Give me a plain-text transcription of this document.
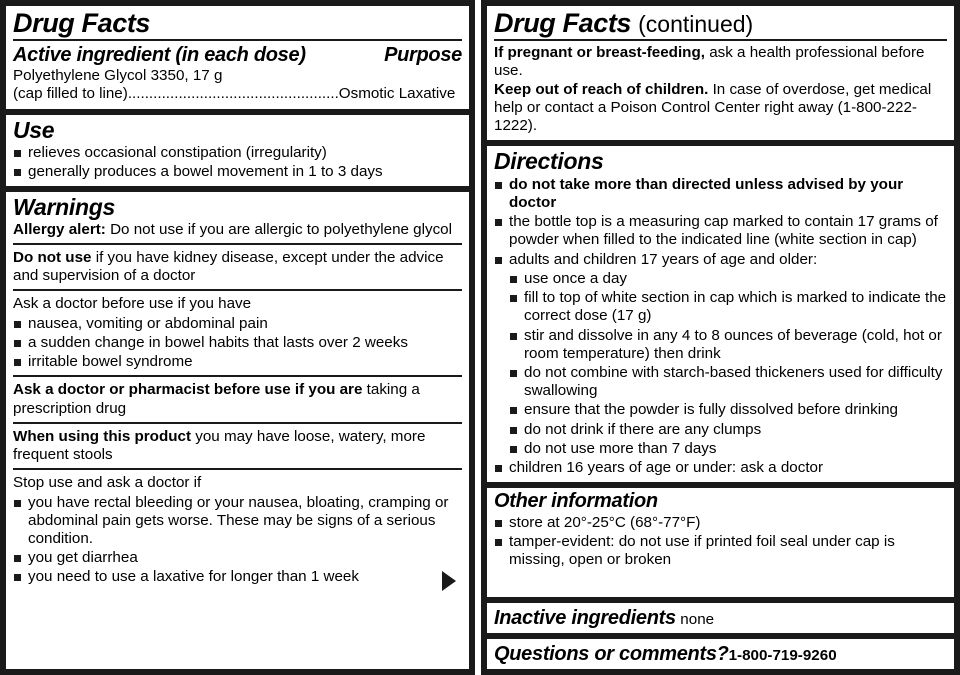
Drug Facts
Active ingredient (in each dose)	Purpose
Polyethylene Glycol 3350, 17 g
(cap filled to line)..................................................Osmotic Laxative
Use
relieves occasional constipation (irregularity)
generally produces a bowel movement in 1 to 3 days
Warnings
Allergy alert: Do not use if you are allergic to polyethylene glycol
Do not use if you have kidney disease, except under the advice and supervision of a doctor
Ask a doctor before use if you have
nausea, vomiting or abdominal pain
a sudden change in bowel habits that lasts over 2 weeks
irritable bowel syndrome
Ask a doctor or pharmacist before use if you are taking a prescription drug
When using this product you may have loose, watery, more frequent stools
Stop use and ask a doctor if
you have rectal bleeding or your nausea, bloating, cramping or abdominal pain gets worse. These may be signs of a serious condition.
you get diarrhea
you need to use a laxative for longer than 1 week
Drug Facts (continued)
If pregnant or breast-feeding, ask a health professional before use.
Keep out of reach of children. In case of overdose, get medical help or contact a Poison Control Center right away (1-800-222-1222).
Directions
do not take more than directed unless advised by your doctor
the bottle top is a measuring cap marked to contain 17 grams of powder when filled to the indicated line (white section in cap)
adults and children 17 years of age and older:
use once a day
fill to top of white section in cap which is marked to indicate the correct dose (17 g)
stir and dissolve in any 4 to 8 ounces of beverage (cold, hot or room temperature) then drink
do not combine with starch-based thickeners used for difficulty swallowing
ensure that the powder is fully dissolved before drinking
do not drink if there are any clumps
do not use more than 7 days
children 16 years of age or under: ask a doctor
Other information
store at 20°-25°C (68°-77°F)
tamper-evident: do not use if printed foil seal under cap is missing, open or broken
Inactive ingredients none
Questions or comments?1-800-719-9260
